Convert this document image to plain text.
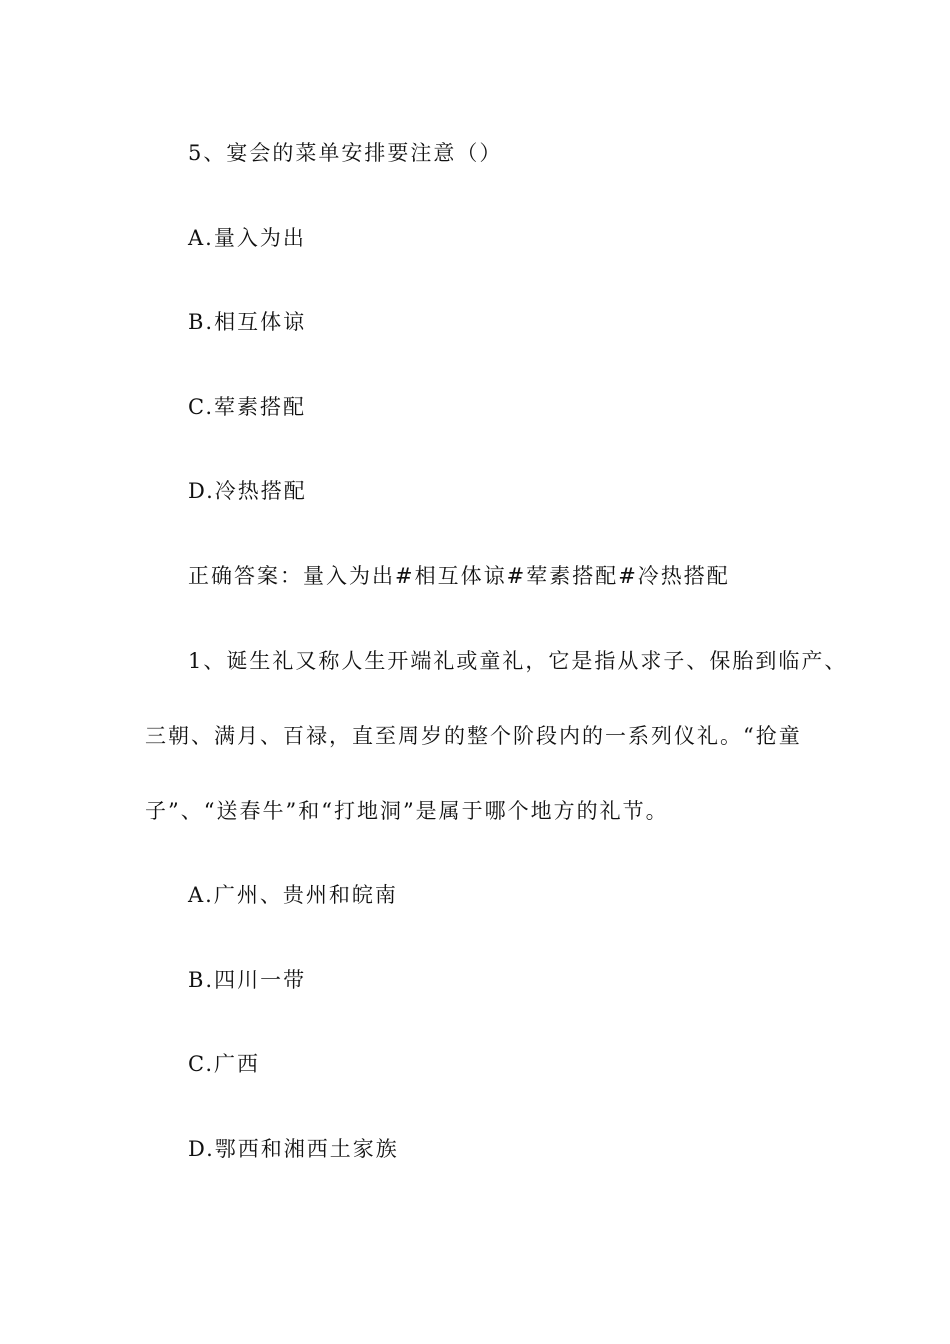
5、宴会的菜单安排要注意（）
A.量入为出
B.相互体谅
C.荤素搭配
D.冷热搭配
正确答案：量入为出#相互体谅#荤素搭配#冷热搭配
1、诞生礼又称人生开端礼或童礼，它是指从求子、保胎到临产、
三朝、满月、百禄，直至周岁的整个阶段内的一系列仪礼。“抢童
子”、“送春牛”和“打地洞”是属于哪个地方的礼节。
A.广州、贵州和皖南
B.四川一带
C.广西
D.鄂西和湘西土家族
